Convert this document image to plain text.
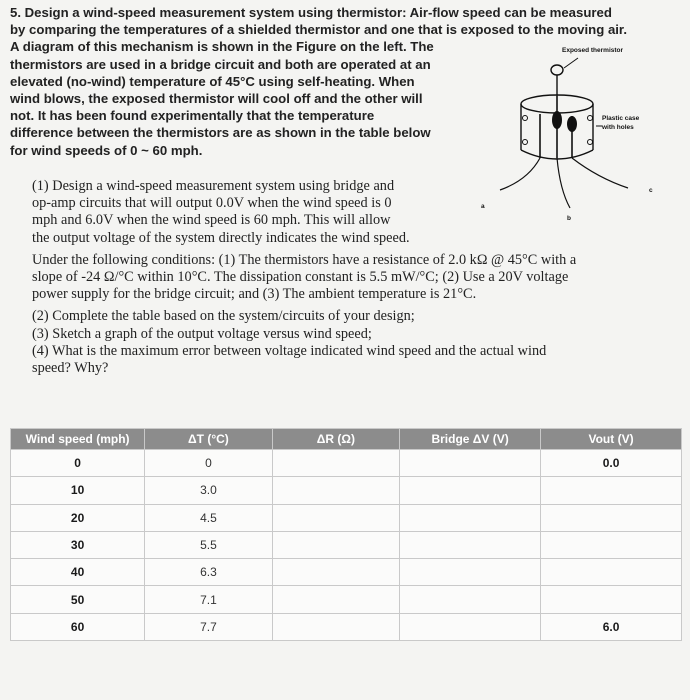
5. Design a wind-speed measurement system using thermistor: Air-flow speed can be measured
by comparing the temperatures of a shielded thermistor and one that is exposed to the moving air.
A diagram of this mechanism is shown in the Figure on the left. The
thermistors are used in a bridge circuit and both are operated at an
elevated (no-wind) temperature of 45°C using self-heating. When
wind blows, the exposed thermistor will cool off and the other will
not. It has been found experimentally that the temperature
difference between the thermistors are as shown in the table below
for wind speeds of 0 ~ 60 mph.
Exposed thermistor
Plastic case
with holes
a
b
c
(1) Design a wind-speed measurement system using bridge and
op-amp circuits that will output 0.0V when the wind speed is 0
mph and 6.0V when the wind speed is 60 mph. This will allow
the output voltage of the system directly indicates the wind speed.
Under the following conditions: (1) The thermistors have a resistance of 2.0 kΩ @ 45°C with a
slope of -24 Ω/°C within 10°C. The dissipation constant is 5.5 mW/°C; (2) Use a 20V voltage
power supply for the bridge circuit; and (3) The ambient temperature is 21°C.
(2) Complete the table based on the system/circuits of your design;
(3) Sketch a graph of the output voltage versus wind speed;
(4) What is the maximum error between voltage indicated wind speed and the actual wind
speed? Why?
Wind speed (mph)	ΔT (°C)	ΔR (Ω)	Bridge ΔV (V)	Vout (V)
0	0			0.0
10	3.0			
20	4.5			
30	5.5			
40	6.3			
50	7.1			
60	7.7			6.0
